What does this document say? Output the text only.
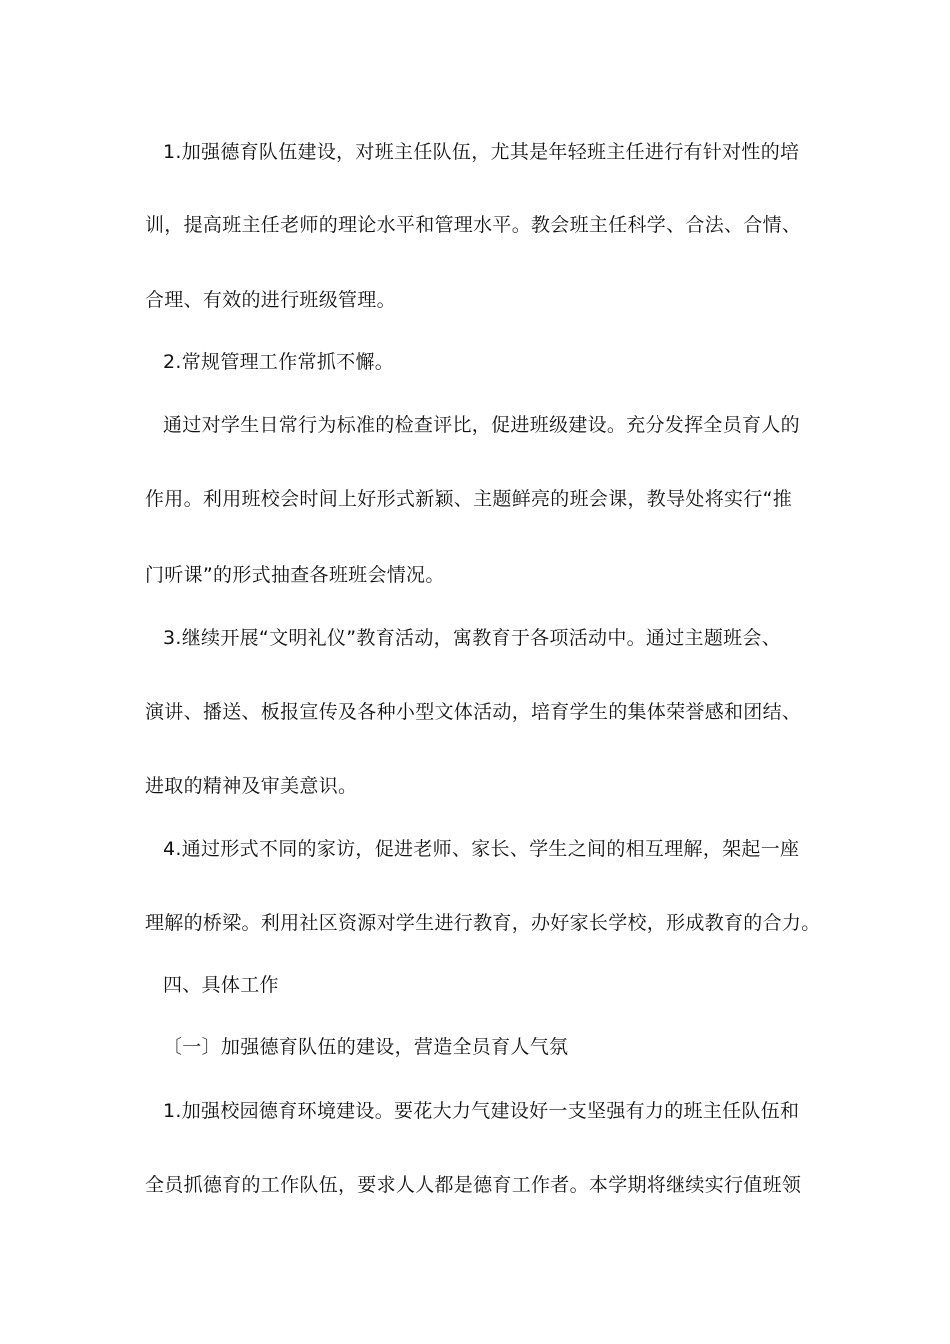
1.加强德育队伍建设，对班主任队伍，尤其是年轻班主任进行有针对性的培
训，提高班主任老师的理论水平和管理水平。教会班主任科学、合法、合情、
合理、有效的进行班级管理。
2.常规管理工作常抓不懈。
通过对学生日常行为标准的检查评比，促进班级建设。充分发挥全员育人的
作用。利用班校会时间上好形式新颖、主题鲜亮的班会课，教导处将实行“推
门听课”的形式抽查各班班会情况。
3.继续开展“文明礼仪”教育活动，寓教育于各项活动中。通过主题班会、
演讲、播送、板报宣传及各种小型文体活动，培育学生的集体荣誉感和团结、
进取的精神及审美意识。
4.通过形式不同的家访，促进老师、家长、学生之间的相互理解，架起一座
理解的桥梁。利用社区资源对学生进行教育，办好家长学校，形成教育的合力。
四、具体工作
〔一〕加强德育队伍的建设，营造全员育人气氛
1.加强校园德育环境建设。要花大力气建设好一支坚强有力的班主任队伍和
全员抓德育的工作队伍，要求人人都是德育工作者。本学期将继续实行值班领
